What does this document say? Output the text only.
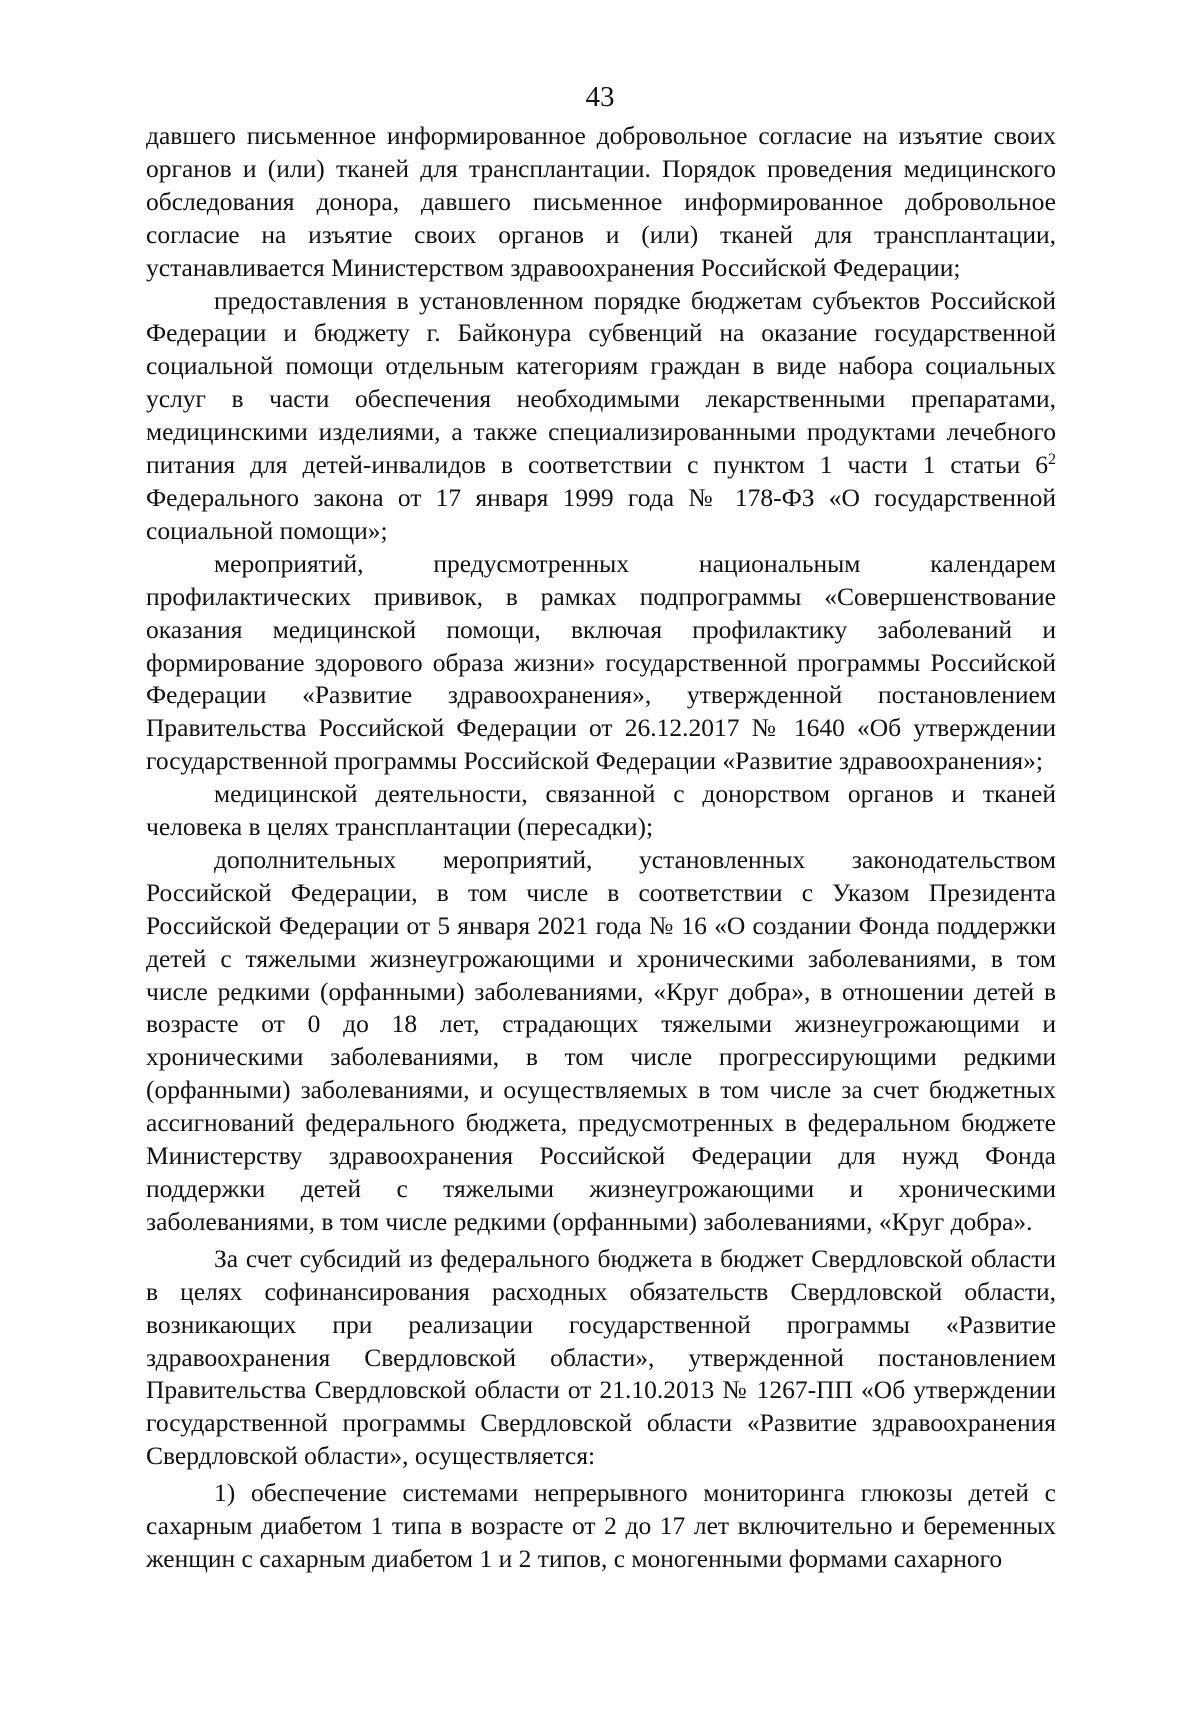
43

давшего письменное информированное добровольное согласие на изъятие своих органов и (или) тканей для трансплантации. Порядок проведения медицинского обследования донора, давшего письменное информированное добровольное согласие на изъятие своих органов и (или) тканей для трансплантации, устанавливается Министерством здравоохранения Российской Федерации;

предоставления в установленном порядке бюджетам субъектов Российской Федерации и бюджету г. Байконура субвенций на оказание государственной социальной помощи отдельным категориям граждан в виде набора социальных услуг в части обеспечения необходимыми лекарственными препаратами, медицинскими изделиями, а также специализированными продуктами лечебного питания для детей-инвалидов в соответствии с пунктом 1 части 1 статьи $6^2$ Федерального закона от 17 января 1999 года № 178-ФЗ «О государственной социальной помощи»;

мероприятий, предусмотренных национальным календарем профилактических прививок, в рамках подпрограммы «Совершенствование оказания медицинской помощи, включая профилактику заболеваний и формирование здорового образа жизни» государственной программы Российской Федерации «Развитие здравоохранения», утвержденной постановлением Правительства Российской Федерации от 26.12.2017 № 1640 «Об утверждении государственной программы Российской Федерации «Развитие здравоохранения»;

медицинской деятельности, связанной с донорством органов и тканей человека в целях трансплантации (пересадки);

дополнительных мероприятий, установленных законодательством Российской Федерации, в том числе в соответствии с Указом Президента Российской Федерации от 5 января 2021 года № 16 «О создании Фонда поддержки детей с тяжелыми жизнеугрожающими и хроническими заболеваниями, в том числе редкими (орфанными) заболеваниями, «Круг добра», в отношении детей в возрасте от 0 до 18 лет, страдающих тяжелыми жизнеугрожающими и хроническими заболеваниями, в том числе прогрессирующими редкими (орфанными) заболеваниями, и осуществляемых в том числе за счет бюджетных ассигнований федерального бюджета, предусмотренных в федеральном бюджете Министерству здравоохранения Российской Федерации для нужд Фонда поддержки детей с тяжелыми жизнеугрожающими и хроническими заболеваниями, в том числе редкими (орфанными) заболеваниями, «Круг добра».

За счет субсидий из федерального бюджета в бюджет Свердловской области в целях софинансирования расходных обязательств Свердловской области, возникающих при реализации государственной программы «Развитие здравоохранения Свердловской области», утвержденной постановлением Правительства Свердловской области от 21.10.2013 № 1267-ПП «Об утверждении государственной программы Свердловской области «Развитие здравоохранения Свердловской области», осуществляется:

1) обеспечение системами непрерывного мониторинга глюкозы детей с сахарным диабетом 1 типа в возрасте от 2 до 17 лет включительно и беременных женщин с сахарным диабетом 1 и 2 типов, с моногенными формами сахарного
